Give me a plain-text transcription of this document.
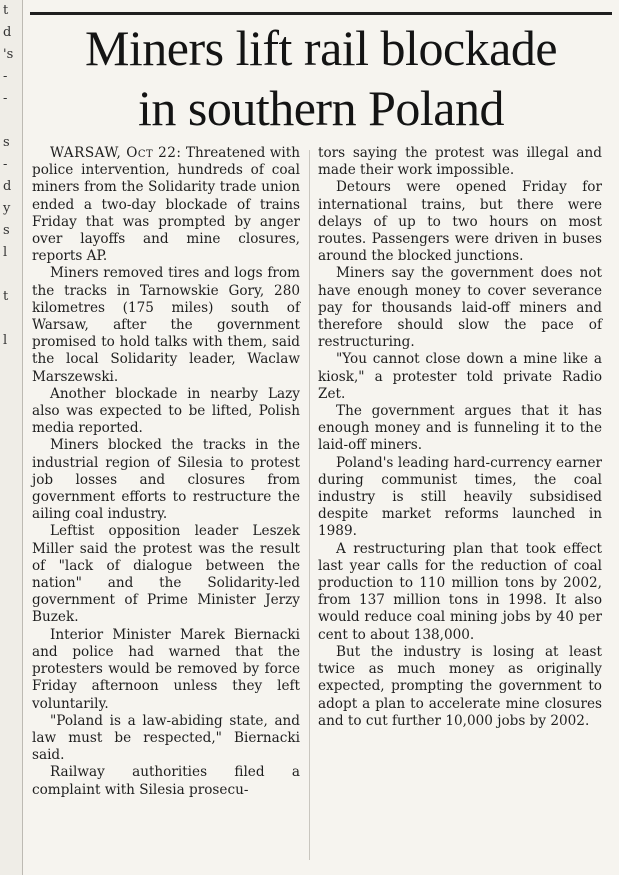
t
d
's
-
-
s
-
d
y
s
l
t
l
Miners lift rail blockade
in southern Poland

WARSAW, Oct 22: Threatened with police intervention, hundreds of coal miners from the Solidarity trade union ended a two-day blockade of trains Friday that was prompted by anger over layoffs and mine closures, reports AP.

Miners removed tires and logs from the tracks in Tarnowskie Gory, 280 kilometres (175 miles) south of Warsaw, after the government promised to hold talks with them, said the local Solidarity leader, Waclaw Marszewski.

Another blockade in nearby Lazy also was expected to be lifted, Polish media reported.

Miners blocked the tracks in the industrial region of Silesia to protest job losses and closures from government efforts to restructure the ailing coal industry.

Leftist opposition leader Leszek Miller said the protest was the result of "lack of dialogue between the nation" and the Solidarity-led government of Prime Minister Jerzy Buzek.

Interior Minister Marek Biernacki and police had warned that the protesters would be removed by force Friday afternoon unless they left voluntarily.

"Poland is a law-abiding state, and law must be respected," Biernacki said.

Railway authorities filed a complaint with Silesia prosecu-

tors saying the protest was illegal and made their work impossible.

Detours were opened Friday for international trains, but there were delays of up to two hours on most routes. Passengers were driven in buses around the blocked junctions.

Miners say the government does not have enough money to cover severance pay for thousands laid-off miners and therefore should slow the pace of restructuring.

"You cannot close down a mine like a kiosk," a protester told private Radio Zet.

The government argues that it has enough money and is funneling it to the laid-off miners.

Poland's leading hard-currency earner during communist times, the coal industry is still heavily subsidised despite market reforms launched in 1989.

A restructuring plan that took effect last year calls for the reduction of coal production to 110 million tons by 2002, from 137 million tons in 1998. It also would reduce coal mining jobs by 40 per cent to about 138,000.

But the industry is losing at least twice as much money as originally expected, prompting the government to adopt a plan to accelerate mine closures and to cut further 10,000 jobs by 2002.
